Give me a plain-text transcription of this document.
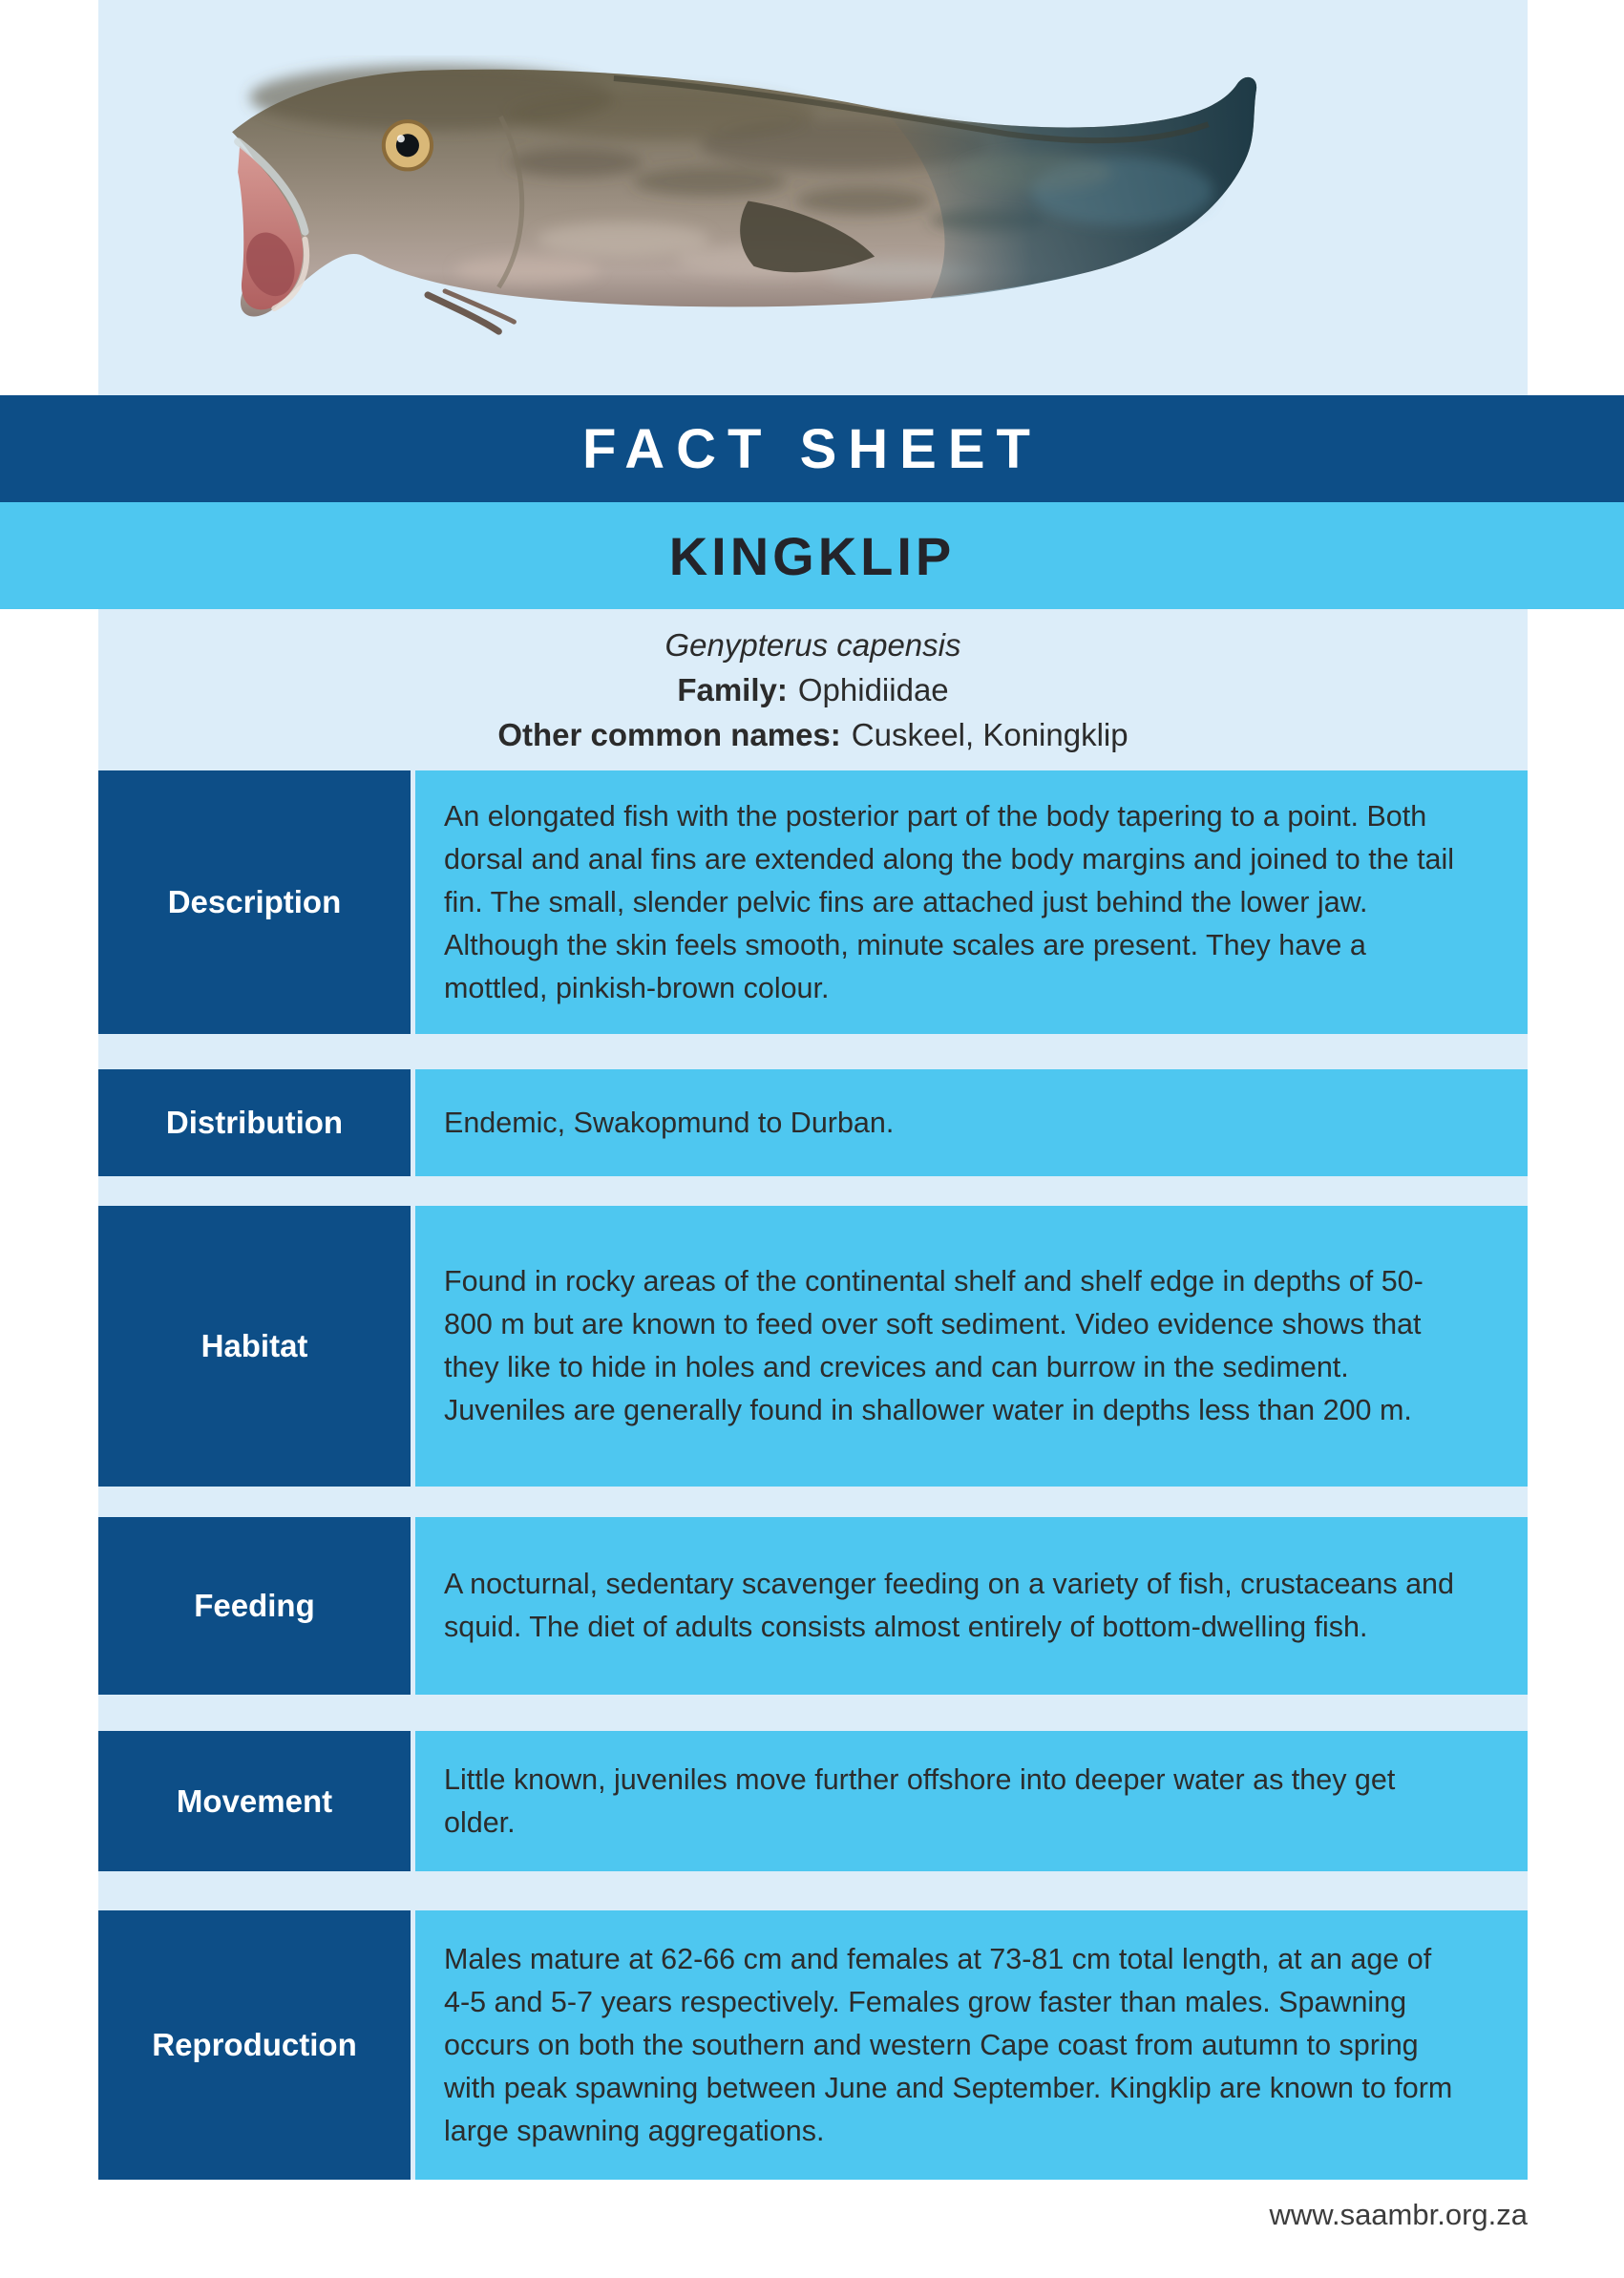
FACT SHEET
KINGKLIP
Genypterus capensis
Family: Ophidiidae
Other common names: Cuskeel, Koningklip
Description
An elongated fish with the posterior part of the body tapering to a point. Both dorsal and anal fins are extended along the body margins and joined to the tail fin. The small, slender pelvic fins are attached just behind the lower jaw. Although the skin feels smooth, minute scales are present. They have a mottled, pinkish-brown colour.
Distribution	Endemic, Swakopmund to Durban.
Habitat
Found in rocky areas of the continental shelf and shelf edge in depths of 50-800 m but are known to feed over soft sediment. Video evidence shows that they like to hide in holes and crevices and can burrow in the sediment. Juveniles are generally found in shallower water in depths less than 200 m.
Feeding
A nocturnal, sedentary scavenger feeding on a variety of fish, crustaceans and squid. The diet of adults consists almost entirely of bottom-dwelling fish.
Movement
Little known, juveniles move further offshore into deeper water as they get older.
Reproduction
Males mature at 62-66 cm and females at 73-81 cm total length, at an age of 4-5 and 5-7 years respectively. Females grow faster than males. Spawning occurs on both the southern and western Cape coast from autumn to spring with peak spawning between June and September. Kingklip are known to form large spawning aggregations.
www.saambr.org.za
